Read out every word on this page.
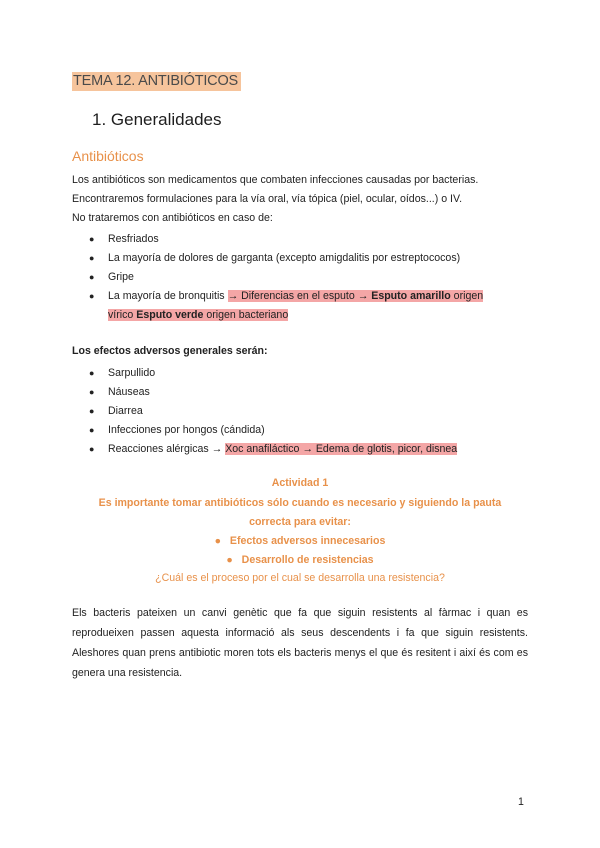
TEMA 12. ANTIBIÓTICOS
1. Generalidades
Antibióticos
Los antibióticos son medicamentos que combaten infecciones causadas por bacterias.
Encontraremos formulaciones para la vía oral, vía tópica (piel, ocular, oídos...) o IV.
No trataremos con antibióticos en caso de:
● Resfriados
● La mayoría de dolores de garganta (excepto amigdalitis por estreptococos)
● Gripe
● La mayoría de bronquitis → Diferencias en el esputo → Esputo amarillo origen
vírico Esputo verde origen bacteriano
Los efectos adversos generales serán:
● Sarpullido
● Náuseas
● Diarrea
● Infecciones por hongos (cándida)
● Reacciones alérgicas → Xoc anafiláctico → Edema de glotis, picor, disnea
Actividad 1
Es importante tomar antibióticos sólo cuando es necesario y siguiendo la pauta
correcta para evitar:
● Efectos adversos innecesarios
● Desarrollo de resistencias
¿Cuál es el proceso por el cual se desarrolla una resistencia?
Els bacteris pateixen un canvi genètic que fa que siguin resistents al fàrmac i quan es reprodueixen passen aquesta informació als seus descendents i fa que siguin resistents. Aleshores quan prens antibiotic moren tots els bacteris menys el que és resitent i així és com es genera una resistencia.
1
